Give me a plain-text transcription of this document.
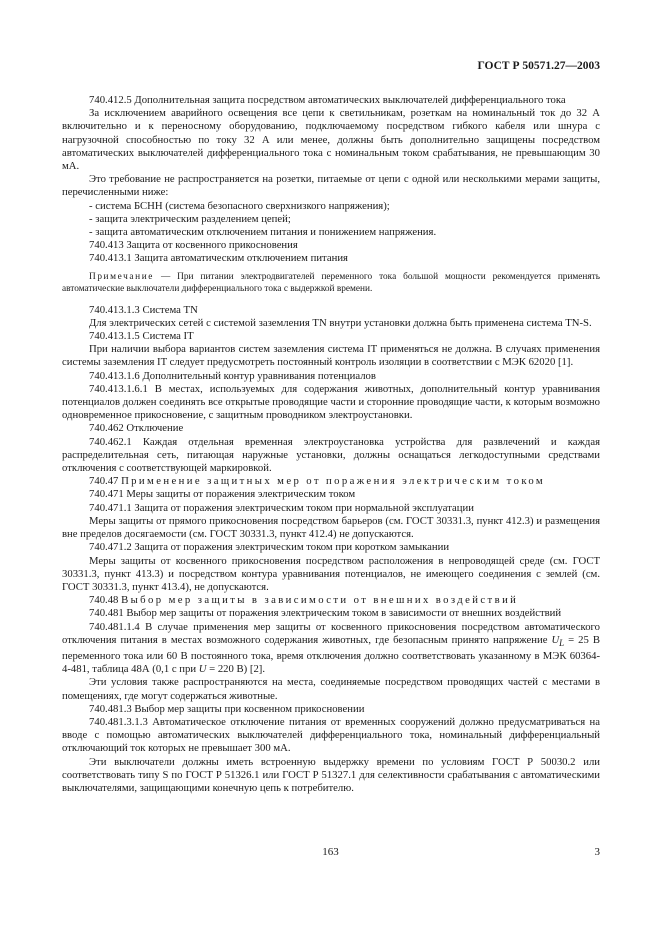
ГОСТ Р 50571.27—2003

740.412.5 Дополнительная защита посредством автоматических выключателей дифференциального тока

За исключением аварийного освещения все цепи к светильникам, розеткам на номинальный ток до 32 А включительно и к переносному оборудованию, подключаемому посредством гибкого кабеля или шнура с нагрузочной способностью по току 32 А или менее, должны быть дополнительно защищены посредством автоматических выключателей дифференциального тока с номинальным током срабатывания, не превышающим 30 мА.

Это требование не распространяется на розетки, питаемые от цепи с одной или несколькими мерами защиты, перечисленными ниже:

- система БСНН (система безопасного сверхнизкого напряжения);

- защита электрическим разделением цепей;

- защита автоматическим отключением питания и понижением напряжения.

740.413 Защита от косвенного прикосновения

740.413.1 Защита автоматическим отключением питания

Примечание — При питании электродвигателей переменного тока большой мощности рекомендуется применять автоматические выключатели дифференциального тока с выдержкой времени.

740.413.1.3 Система TN

Для электрических сетей с системой заземления TN внутри установки должна быть применена система TN-S.

740.413.1.5 Система IT

При наличии выбора вариантов систем заземления система IT применяться не должна. В случаях применения системы заземления IT следует предусмотреть постоянный контроль изоляции в соответствии с МЭК 62020 [1].

740.413.1.6 Дополнительный контур уравнивания потенциалов

740.413.1.6.1 В местах, используемых для содержания животных, дополнительный контур уравнивания потенциалов должен соединять все открытые проводящие части и сторонние проводящие части, к которым возможно одновременное прикосновение, с защитным проводником электроустановки.

740.462 Отключение

740.462.1 Каждая отдельная временная электроустановка устройства для развлечений и каждая распределительная сеть, питающая наружные установки, должны оснащаться легкодоступными средствами отключения с соответствующей маркировкой.

740.47 Применение защитных мер от поражения электрическим током

740.471 Меры защиты от поражения электрическим током

740.471.1 Защита от поражения электрическим током при нормальной эксплуатации

Меры защиты от прямого прикосновения посредством барьеров (см. ГОСТ 30331.3, пункт 412.3) и размещения вне пределов досягаемости (см. ГОСТ 30331.3, пункт 412.4) не допускаются.

740.471.2 Защита от поражения электрическим током при коротком замыкании

Меры защиты от косвенного прикосновения посредством расположения в непроводящей среде (см. ГОСТ 30331.3, пункт 413.3) и посредством контура уравнивания потенциалов, не имеющего соединения с землей (см. ГОСТ 30331.3, пункт 413.4), не допускаются.

740.48 Выбор мер защиты в зависимости от внешних воздействий

740.481 Выбор мер защиты от поражения электрическим током в зависимости от внешних воздействий

740.481.1.4 В случае применения мер защиты от косвенного прикосновения посредством автоматического отключения питания в местах возможного содержания животных, где безопасным принято напряжение $U_L = 25$ В переменного тока или 60 В постоянного тока, время отключения должно соответствовать указанному в МЭК 60364-4-481, таблица 48А (0,1 с при U = 220 В) [2].

Эти условия также распространяются на места, соединяемые посредством проводящих частей с местами в помещениях, где могут содержаться животные.

740.481.3 Выбор мер защиты при косвенном прикосновении

740.481.3.1.3 Автоматическое отключение питания от временных сооружений должно предусматриваться на вводе с помощью автоматических выключателей дифференциального тока, номинальный дифференциальный отключающий ток которых не превышает 300 мА.

Эти выключатели должны иметь встроенную выдержку времени по условиям ГОСТ Р 50030.2 или соответствовать типу S по ГОСТ Р 51326.1 или ГОСТ Р 51327.1 для селективности срабатывания с автоматическими выключателями, защищающими конечную цепь к потребителю.

163	3
